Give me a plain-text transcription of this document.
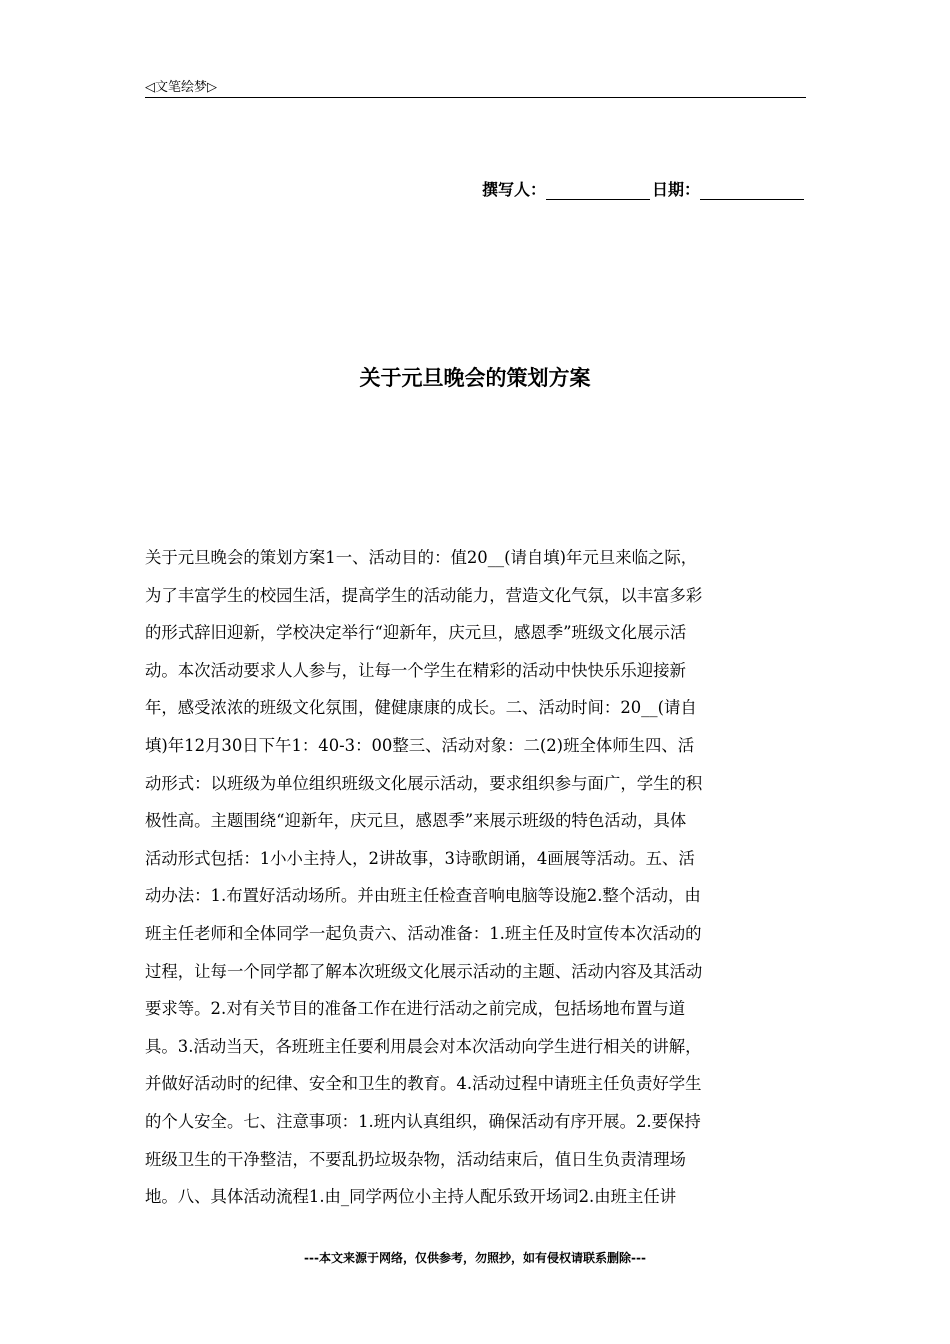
◁文笔绘梦▷
撰写人：	日期：
关于元旦晚会的策划方案
关于元旦晚会的策划方案1一、活动目的：值20__(请自填)年元旦来临之际，
为了丰富学生的校园生活，提高学生的活动能力，营造文化气氛，以丰富多彩
的形式辞旧迎新，学校决定举行“迎新年，庆元旦，感恩季”班级文化展示活
动。本次活动要求人人参与，让每一个学生在精彩的活动中快快乐乐迎接新
年，感受浓浓的班级文化氛围，健健康康的成长。二、活动时间：20__(请自
填)年12月30日下午1：40-3：00整三、活动对象：二(2)班全体师生四、活
动形式：以班级为单位组织班级文化展示活动，要求组织参与面广，学生的积
极性高。主题围绕“迎新年，庆元旦，感恩季”来展示班级的特色活动，具体
活动形式包括：1小小主持人，2讲故事，3诗歌朗诵，4画展等活动。五、活
动办法：1.布置好活动场所。并由班主任检查音响电脑等设施2.整个活动，由
班主任老师和全体同学一起负责六、活动准备：1.班主任及时宣传本次活动的
过程，让每一个同学都了解本次班级文化展示活动的主题、活动内容及其活动
要求等。2.对有关节目的准备工作在进行活动之前完成，包括场地布置与道
具。3.活动当天，各班班主任要利用晨会对本次活动向学生进行相关的讲解，
并做好活动时的纪律、安全和卫生的教育。4.活动过程中请班主任负责好学生
的个人安全。七、注意事项：1.班内认真组织，确保活动有序开展。2.要保持
班级卫生的干净整洁，不要乱扔垃圾杂物，活动结束后，值日生负责清理场
地。八、具体活动流程1.由_同学两位小主持人配乐致开场词2.由班主任讲
---本文来源于网络，仅供参考，勿照抄，如有侵权请联系删除---
